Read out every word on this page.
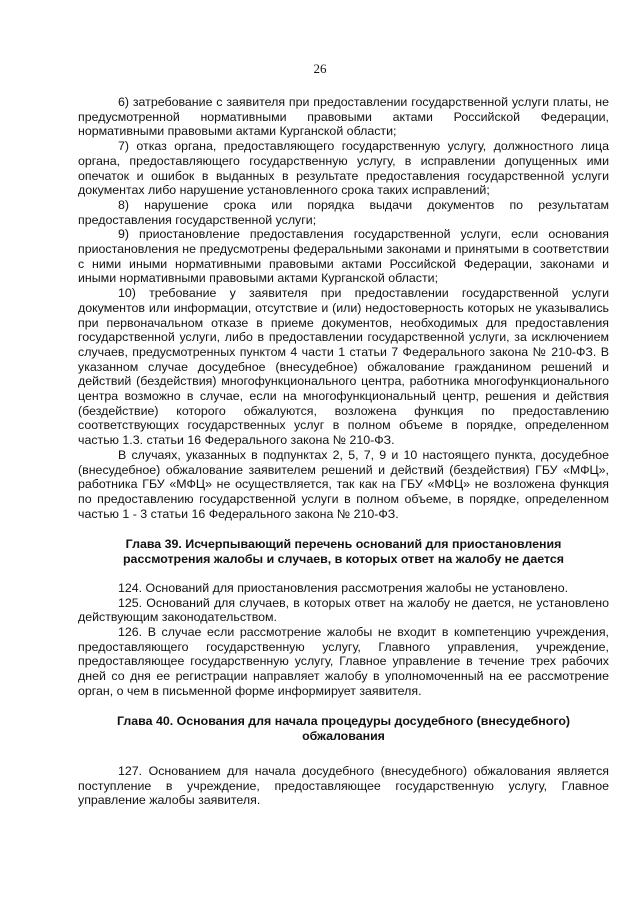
26

6) затребование с заявителя при предоставлении государственной услуги платы, не предусмотренной нормативными правовыми актами Российской Федерации, нормативными правовыми актами Курганской области;

7) отказ органа, предоставляющего государственную услугу, должностного лица органа, предоставляющего государственную услугу, в исправлении допущенных ими опечаток и ошибок в выданных в результате предоставления государственной услуги документах либо нарушение установленного срока таких исправлений;

8) нарушение срока или порядка выдачи документов по результатам предоставления государственной услуги;

9) приостановление предоставления государственной услуги, если основания приостановления не предусмотрены федеральными законами и принятыми в соответствии с ними иными нормативными правовыми актами Российской Федерации, законами и иными нормативными правовыми актами Курганской области;

10) требование у заявителя при предоставлении государственной услуги документов или информации, отсутствие и (или) недостоверность которых не указывались при первоначальном отказе в приеме документов, необходимых для предоставления государственной услуги, либо в предоставлении государственной услуги, за исключением случаев, предусмотренных пунктом 4 части 1 статьи 7 Федерального закона № 210-ФЗ. В указанном случае досудебное (внесудебное) обжалование гражданином решений и действий (бездействия) многофункционального центра, работника многофункционального центра возможно в случае, если на многофункциональный центр, решения и действия (бездействие) которого обжалуются, возложена функция по предоставлению соответствующих государственных услуг в полном объеме в порядке, определенном частью 1.3. статьи 16 Федерального закона № 210-ФЗ.

В случаях, указанных в подпунктах 2, 5, 7, 9 и 10 настоящего пункта, досудебное (внесудебное) обжалование заявителем решений и действий (бездействия) ГБУ «МФЦ», работника ГБУ «МФЦ» не осуществляется, так как на ГБУ «МФЦ» не возложена функция по предоставлению государственной услуги в полном объеме, в порядке, определенном частью 1 - 3 статьи 16 Федерального закона № 210-ФЗ.

Глава 39. Исчерпывающий перечень оснований для приостановления рассмотрения жалобы и случаев, в которых ответ на жалобу не дается

124. Оснований для приостановления рассмотрения жалобы не установлено.

125. Оснований для случаев, в которых ответ на жалобу не дается, не установлено действующим законодательством.

126. В случае если рассмотрение жалобы не входит в компетенцию учреждения, предоставляющего государственную услугу, Главного управления, учреждение, предоставляющее государственную услугу, Главное управление в течение трех рабочих дней со дня ее регистрации направляет жалобу в уполномоченный на ее рассмотрение орган, о чем в письменной форме информирует заявителя.

Глава 40. Основания для начала процедуры досудебного (внесудебного) обжалования

127. Основанием для начала досудебного (внесудебного) обжалования является поступление в учреждение, предоставляющее государственную услугу, Главное управление жалобы заявителя.
